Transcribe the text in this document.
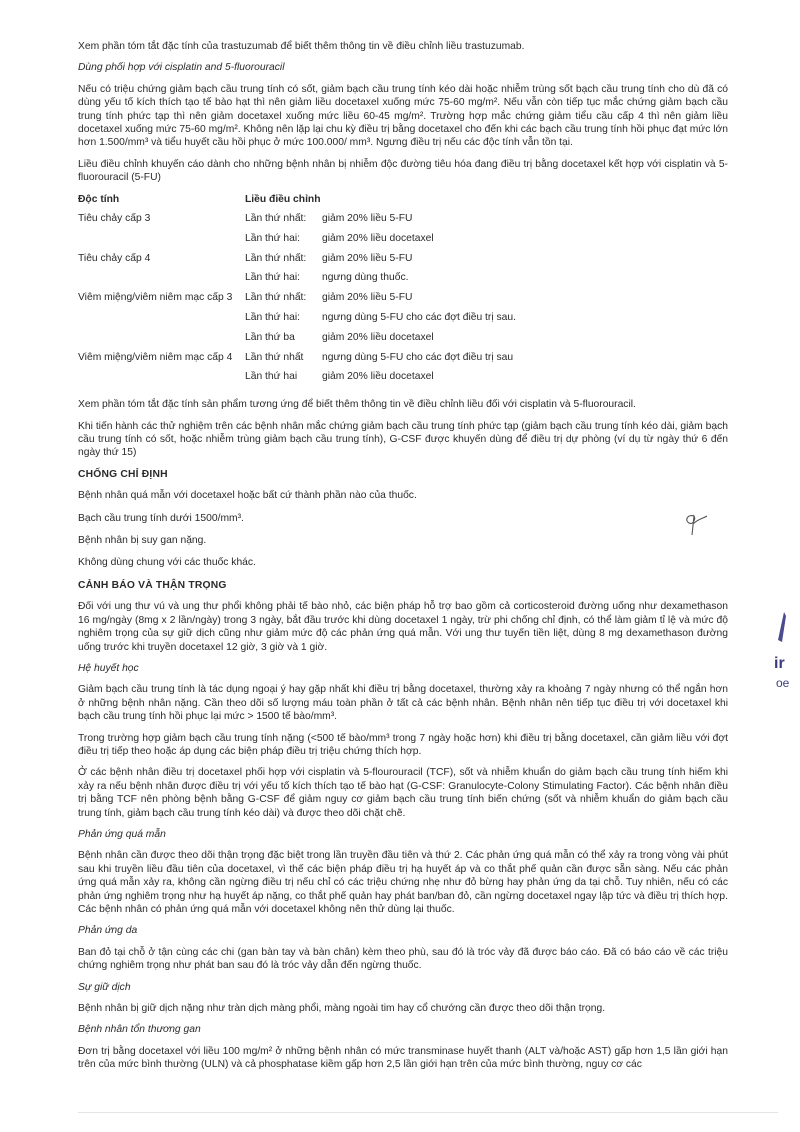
Xem phần tóm tắt đặc tính của trastuzumab để biết thêm thông tin về điều chỉnh liều trastuzumab.

Dùng phối hợp với cisplatin and 5-fluorouracil

Nếu có triệu chứng giảm bạch cầu trung tính có sốt, giảm bạch cầu trung tính kéo dài hoặc nhiễm trùng sốt bạch cầu trung tính cho dù đã có dùng yếu tố kích thích tạo tế bào hạt thì nên giảm liều docetaxel xuống mức 75-60 mg/m². Nếu vẫn còn tiếp tục mắc chứng giảm bạch cầu trung tính phức tạp thì nên giảm docetaxel xuống mức liều 60-45 mg/m². Trường hợp mắc chứng giảm tiểu cầu cấp 4 thì nên giảm liều docetaxel xuống mức 75-60 mg/m². Không nên lặp lại chu kỳ điều trị bằng docetaxel cho đến khi các bạch cầu trung tính hồi phục đạt mức lớn hơn 1.500/mm³ và tiểu huyết cầu hồi phục ở mức 100.000/ mm³. Ngưng điều trị nếu các độc tính vẫn tồn tại.

Liều điều chỉnh khuyến cáo dành cho những bệnh nhân bị nhiễm độc đường tiêu hóa đang điều trị bằng docetaxel kết hợp với cisplatin và 5-fluorouracil (5-FU)

Độc tính	Liều điều chỉnh	
Tiêu chảy cấp 3	Lần thứ nhất:	giảm 20% liều 5-FU
	Lần thứ hai:	giảm 20% liều docetaxel
Tiêu chảy cấp 4	Lần thứ nhất:	giảm 20% liều 5-FU
	Lần thứ hai:	ngưng dùng thuốc.
Viêm miệng/viêm niêm mạc cấp 3	Lần thứ nhất:	giảm 20% liều 5-FU
	Lần thứ hai:	ngưng dùng 5-FU cho các đợt điều trị sau.
	Lần thứ ba	giảm 20% liều docetaxel
Viêm miệng/viêm niêm mạc cấp 4	Lần thứ nhất	ngưng dùng 5-FU cho các đợt điều trị sau
	Lần thứ hai	giảm 20% liều docetaxel

Xem phần tóm tắt đặc tính sản phẩm tương ứng để biết thêm thông tin về điều chỉnh liều đối với cisplatin và 5-fluorouracil.

Khi tiến hành các thử nghiệm trên các bệnh nhân mắc chứng giảm bạch cầu trung tính phức tạp (giảm bạch cầu trung tính kéo dài, giảm bạch cầu trung tính có sốt, hoặc nhiễm trùng giảm bạch cầu trung tính), G-CSF được khuyến dùng để điều trị dự phòng (ví dụ từ ngày thứ 6 đến ngày thứ 15)

CHỐNG CHỈ ĐỊNH
Bệnh nhân quá mẫn với docetaxel hoặc bất cứ thành phần nào của thuốc.
Bạch cầu trung tính dưới 1500/mm³.
Bệnh nhân bị suy gan nặng.
Không dùng chung với các thuốc khác.
CẢNH BÁO VÀ THẬN TRỌNG

Đối với ung thư vú và ung thư phổi không phải tế bào nhỏ, các biện pháp hỗ trợ bao gồm cả corticosteroid đường uống như dexamethason 16 mg/ngày (8mg x 2 lần/ngày) trong 3 ngày, bắt đầu trước khi dùng docetaxel 1 ngày, trừ phi chống chỉ định, có thể làm giảm tỉ lệ và mức độ nghiêm trọng của sự giữ dịch cũng như giảm mức độ các phản ứng quá mẫn. Với ung thư tuyến tiền liệt, dùng 8 mg dexamethason đường uống trước khi truyền docetaxel 12 giờ, 3 giờ và 1 giờ.

Hệ huyết học

Giảm bạch cầu trung tính là tác dụng ngoại ý hay gặp nhất khi điều trị bằng docetaxel, thường xảy ra khoảng 7 ngày nhưng có thể ngắn hơn ở những bệnh nhân nặng. Cần theo dõi số lượng máu toàn phần ở tất cả các bệnh nhân. Bệnh nhân nên tiếp tục điều trị với docetaxel khi bạch cầu trung tính hồi phục lại mức > 1500 tế bào/mm³.

Trong trường hợp giảm bạch cầu trung tính nặng (<500 tế bào/mm³ trong 7 ngày hoặc hơn) khi điều trị bằng docetaxel, cần giảm liều với đợt điều trị tiếp theo hoặc áp dụng các biện pháp điều trị triệu chứng thích hợp.

Ở các bệnh nhân điều trị docetaxel phối hợp với cisplatin và 5-flourouracil (TCF), sốt và nhiễm khuẩn do giảm bạch cầu trung tính hiếm khi xảy ra nếu bệnh nhân được điều trị với yếu tố kích thích tạo tế bào hạt (G-CSF: Granulocyte-Colony Stimulating Factor). Các bệnh nhân điều trị bằng TCF nên phòng bệnh bằng G-CSF để giảm nguy cơ giảm bạch cầu trung tính biến chứng (sốt và nhiễm khuẩn do giảm bạch cầu trung tính, giảm bạch cầu trung tính kéo dài) và được theo dõi chặt chẽ.

Phản ứng quá mẫn

Bệnh nhân cần được theo dõi thận trọng đặc biệt trong lần truyền đầu tiên và thứ 2. Các phản ứng quá mẫn có thể xảy ra trong vòng vài phút sau khi truyền liều đầu tiên của docetaxel, vì thế các biện pháp điều trị hạ huyết áp và co thắt phế quản cần được sẵn sàng. Nếu các phản ứng quá mẫn xảy ra, không cần ngừng điều trị nếu chỉ có các triệu chứng nhẹ như đỏ bừng hay phản ứng da tại chỗ. Tuy nhiên, nếu có các phản ứng nghiêm trọng như hạ huyết áp nặng, co thắt phế quản hay phát ban/ban đỏ, cần ngừng docetaxel ngay lập tức và điều trị thích hợp. Các bệnh nhân có phản ứng quá mẫn với docetaxel không nên thử dùng lại thuốc.

Phản ứng da

Ban đỏ tại chỗ ở tận cùng các chi (gan bàn tay và bàn chân) kèm theo phù, sau đó là tróc vảy đã được báo cáo. Đã có báo cáo về các triệu chứng nghiêm trọng như phát ban sau đó là tróc vảy dẫn đến ngừng thuốc.

Sự giữ dịch

Bệnh nhân bị giữ dịch nặng như tràn dịch màng phổi, màng ngoài tim hay cổ chướng cần được theo dõi thận trọng.

Bệnh nhân tổn thương gan

Đơn trị bằng docetaxel với liều 100 mg/m² ở những bệnh nhân có mức transminase huyết thanh (ALT và/hoặc AST) gấp hơn 1,5 lần giới hạn trên của mức bình thường (ULN) và cả phosphatase kiềm gấp hơn 2,5 lần giới hạn trên của mức bình thường, nguy cơ các

ir
oe
